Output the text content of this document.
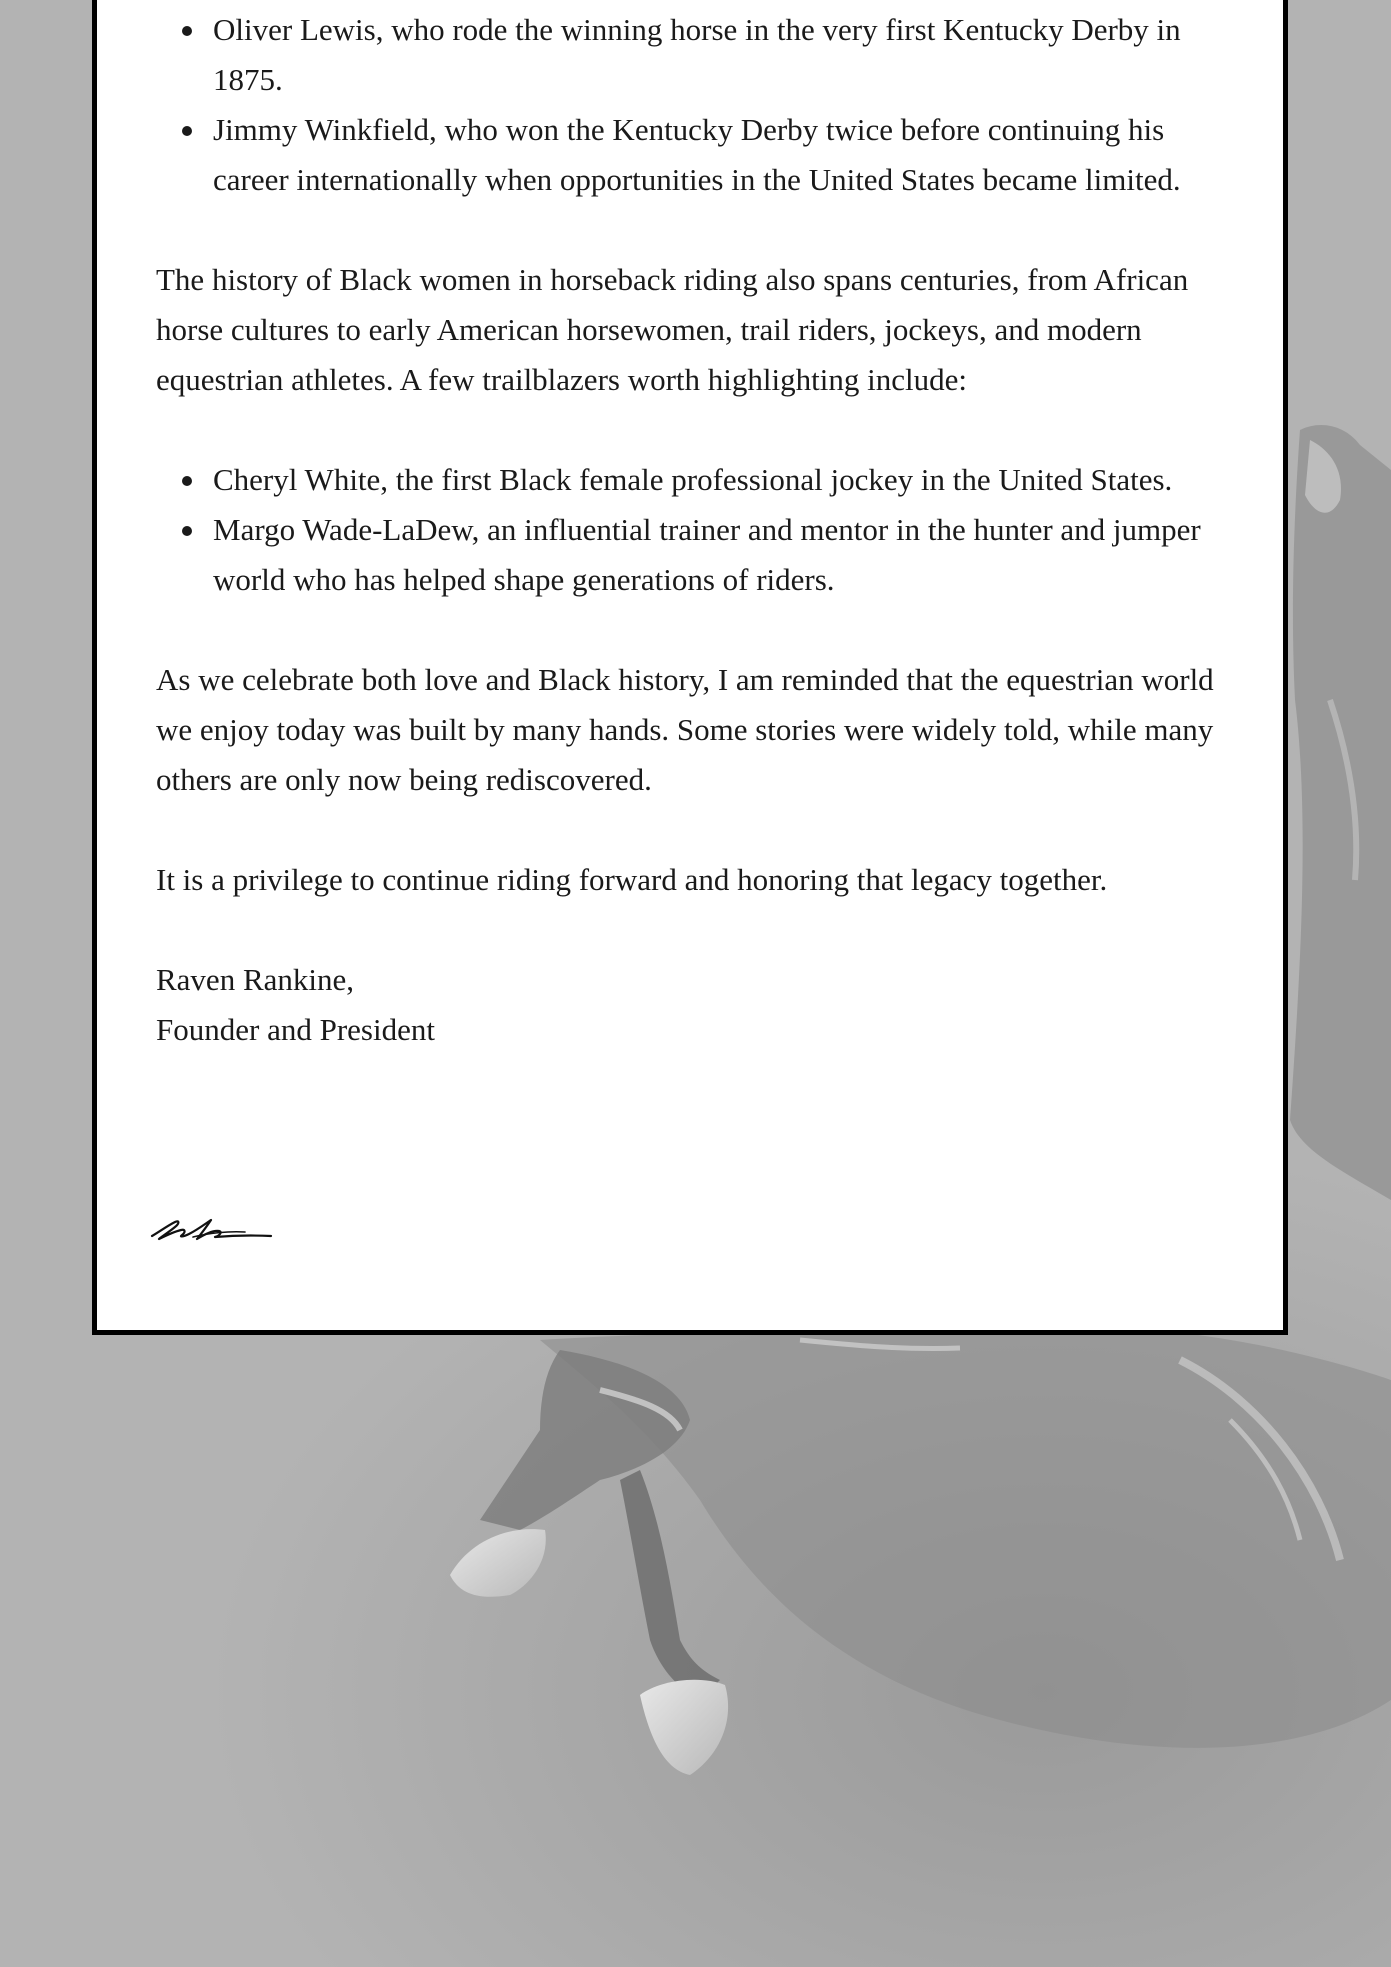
Oliver Lewis, who rode the winning horse in the very first Kentucky Derby in 1875.
Jimmy Winkfield, who won the Kentucky Derby twice before continuing his career internationally when opportunities in the United States became limited.

The history of Black women in horseback riding also spans centuries, from African horse cultures to early American horsewomen, trail riders, jockeys, and modern equestrian athletes. A few trailblazers worth highlighting include:

Cheryl White, the first Black female professional jockey in the United States.
Margo Wade-LaDew, an influential trainer and mentor in the hunter and jumper world who has helped shape generations of riders.

As we celebrate both love and Black history, I am reminded that the equestrian world we enjoy today was built by many hands. Some stories were widely told, while many others are only now being rediscovered.

It is a privilege to continue riding forward and honoring that legacy together.

Raven Rankine,

Founder and President
